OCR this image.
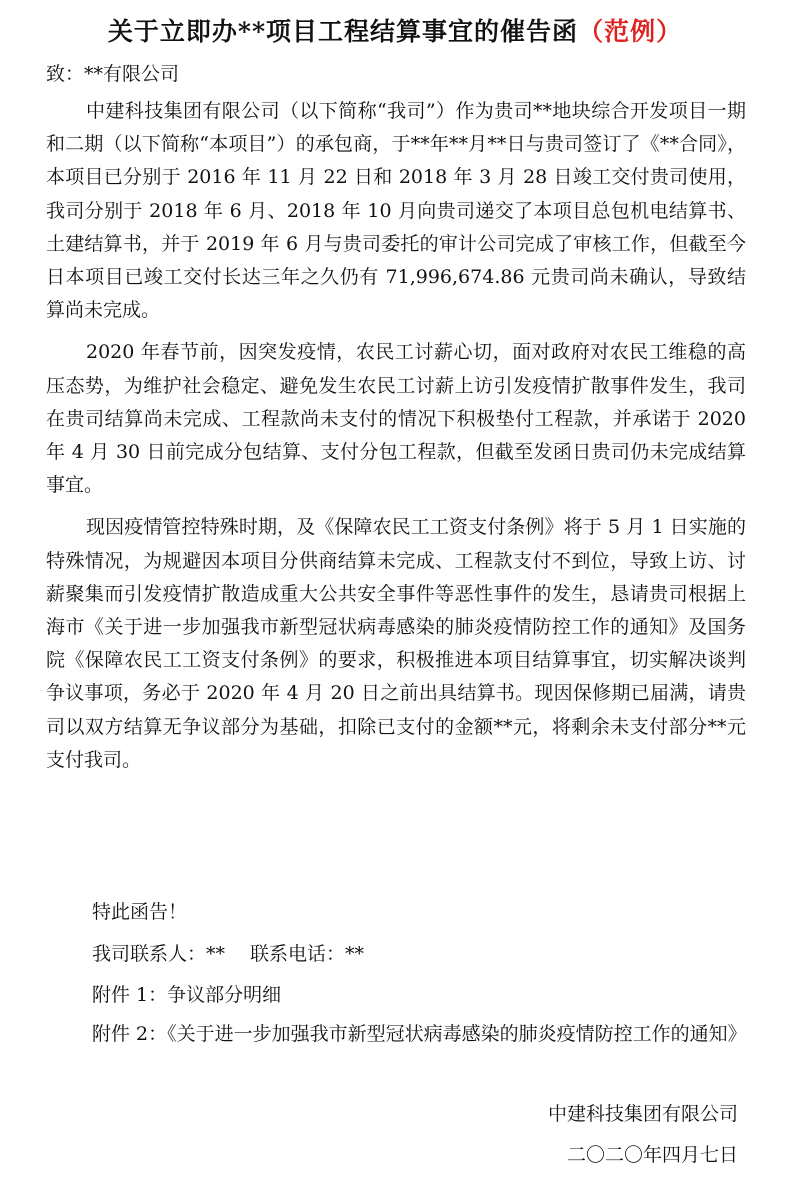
关于立即办**项目工程结算事宜的催告函（范例）
致：**有限公司

中建科技集团有限公司（以下简称“我司”）作为贵司**地块综合开发项目一期和二期（以下简称“本项目”）的承包商，于**年**月**日与贵司签订了《**合同》，本项目已分别于 2016 年 11 月 22 日和 2018 年 3 月 28 日竣工交付贵司使用，我司分别于 2018 年 6 月、2018 年 10 月向贵司递交了本项目总包机电结算书、土建结算书，并于 2019 年 6 月与贵司委托的审计公司完成了审核工作，但截至今日本项目已竣工交付长达三年之久仍有 71,996,674.86 元贵司尚未确认，导致结算尚未完成。

2020 年春节前，因突发疫情，农民工讨薪心切，面对政府对农民工维稳的高压态势，为维护社会稳定、避免发生农民工讨薪上访引发疫情扩散事件发生，我司在贵司结算尚未完成、工程款尚未支付的情况下积极垫付工程款，并承诺于 2020 年 4 月 30 日前完成分包结算、支付分包工程款，但截至发函日贵司仍未完成结算事宜。

现因疫情管控特殊时期，及《保障农民工工资支付条例》将于 5 月 1 日实施的特殊情况，为规避因本项目分供商结算未完成、工程款支付不到位，导致上访、讨薪聚集而引发疫情扩散造成重大公共安全事件等恶性事件的发生，恳请贵司根据上海市《关于进一步加强我市新型冠状病毒感染的肺炎疫情防控工作的通知》及国务院《保障农民工工资支付条例》的要求，积极推进本项目结算事宜，切实解决谈判争议事项，务必于 2020 年 4 月 20 日之前出具结算书。现因保修期已届满，请贵司以双方结算无争议部分为基础，扣除已支付的金额**元，将剩余未支付部分**元支付我司。

特此函告！
我司联系人：**　 联系电话：**
附件 1：争议部分明细
附件 2：《关于进一步加强我市新型冠状病毒感染的肺炎疫情防控工作的通知》
中建科技集团有限公司
二〇二〇年四月七日
